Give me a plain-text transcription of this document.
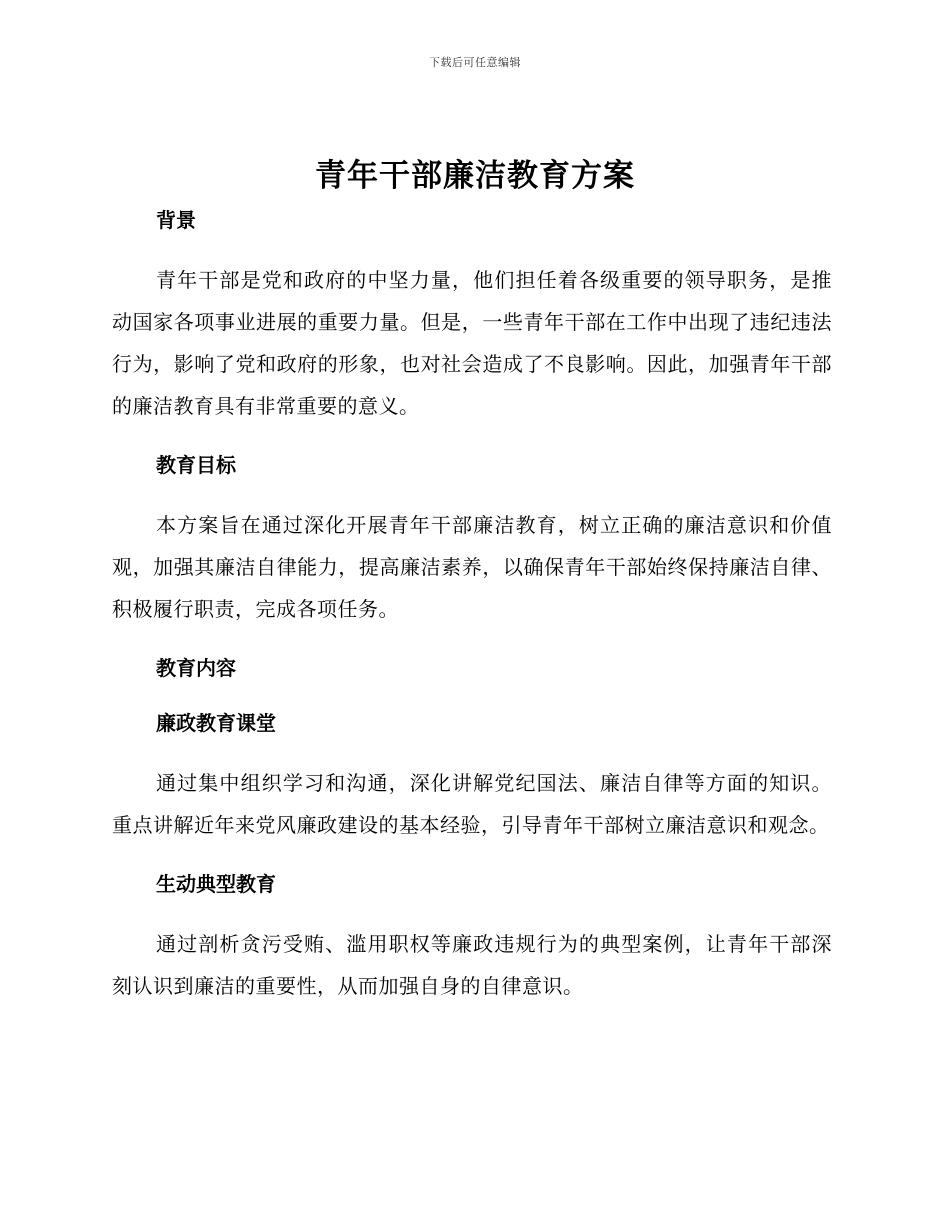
下载后可任意编辑
青年干部廉洁教育方案
背景

青年干部是党和政府的中坚力量，他们担任着各级重要的领导职务，是推动国家各项事业进展的重要力量。但是，一些青年干部在工作中出现了违纪违法行为，影响了党和政府的形象，也对社会造成了不良影响。因此，加强青年干部的廉洁教育具有非常重要的意义。

教育目标

本方案旨在通过深化开展青年干部廉洁教育，树立正确的廉洁意识和价值观，加强其廉洁自律能力，提高廉洁素养，以确保青年干部始终保持廉洁自律、积极履行职责，完成各项任务。

教育内容
廉政教育课堂

通过集中组织学习和沟通，深化讲解党纪国法、廉洁自律等方面的知识。重点讲解近年来党风廉政建设的基本经验，引导青年干部树立廉洁意识和观念。

生动典型教育

通过剖析贪污受贿、滥用职权等廉政违规行为的典型案例，让青年干部深刻认识到廉洁的重要性，从而加强自身的自律意识。
